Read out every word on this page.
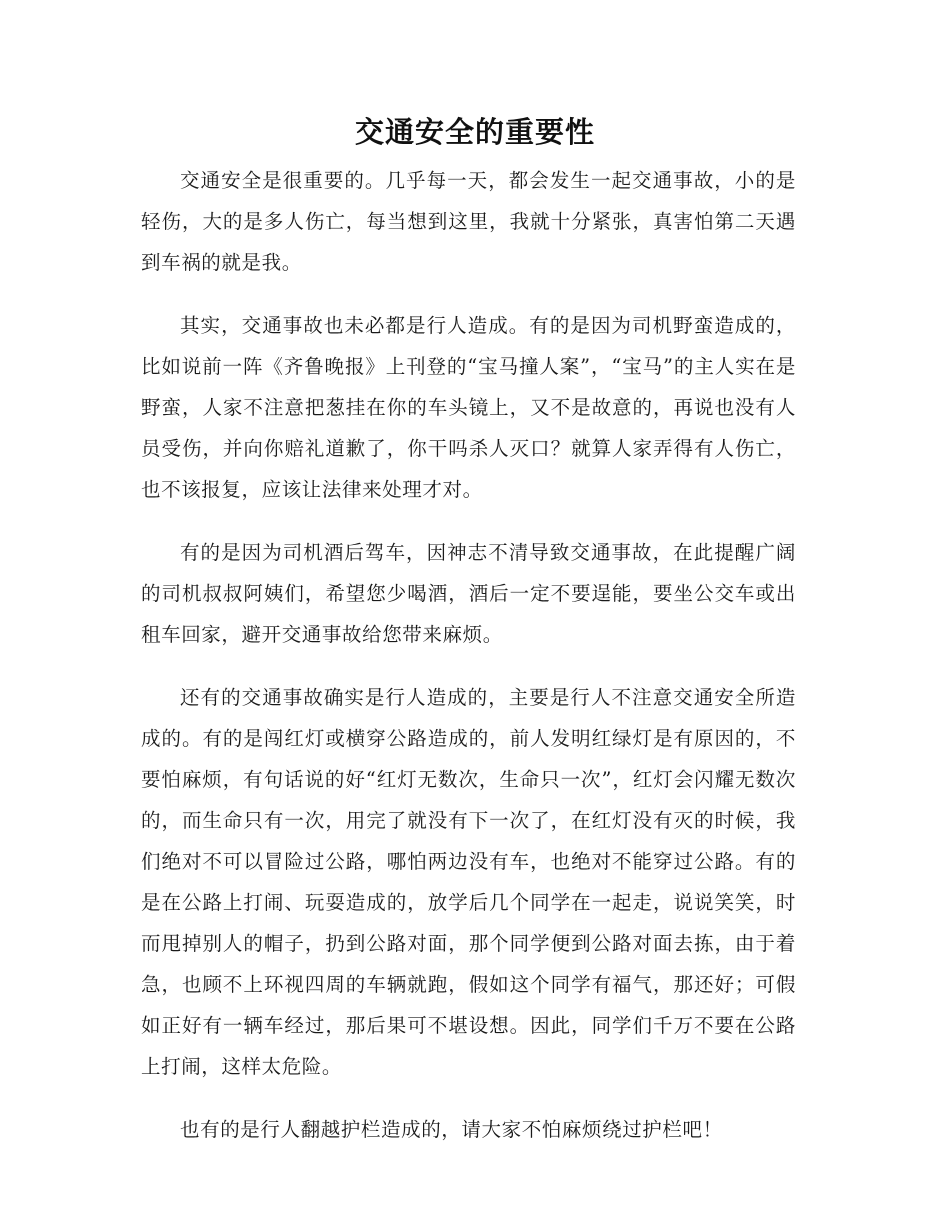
交通安全的重要性

交通安全是很重要的。几乎每一天，都会发生一起交通事故，小的是轻伤，大的是多人伤亡，每当想到这里，我就十分紧张，真害怕第二天遇到车祸的就是我。

其实，交通事故也未必都是行人造成。有的是因为司机野蛮造成的，比如说前一阵《齐鲁晚报》上刊登的“宝马撞人案”，“宝马”的主人实在是野蛮，人家不注意把葱挂在你的车头镜上，又不是故意的，再说也没有人员受伤，并向你赔礼道歉了，你干吗杀人灭口？就算人家弄得有人伤亡，也不该报复，应该让法律来处理才对。

有的是因为司机酒后驾车，因神志不清导致交通事故，在此提醒广阔的司机叔叔阿姨们，希望您少喝酒，酒后一定不要逞能，要坐公交车或出租车回家，避开交通事故给您带来麻烦。

还有的交通事故确实是行人造成的，主要是行人不注意交通安全所造成的。有的是闯红灯或横穿公路造成的，前人发明红绿灯是有原因的，不要怕麻烦，有句话说的好“红灯无数次，生命只一次”，红灯会闪耀无数次的，而生命只有一次，用完了就没有下一次了，在红灯没有灭的时候，我们绝对不可以冒险过公路，哪怕两边没有车，也绝对不能穿过公路。有的是在公路上打闹、玩耍造成的，放学后几个同学在一起走，说说笑笑，时而甩掉别人的帽子，扔到公路对面，那个同学便到公路对面去拣，由于着急，也顾不上环视四周的车辆就跑，假如这个同学有福气，那还好；可假如正好有一辆车经过，那后果可不堪设想。因此，同学们千万不要在公路上打闹，这样太危险。

也有的是行人翻越护栏造成的，请大家不怕麻烦绕过护栏吧！
